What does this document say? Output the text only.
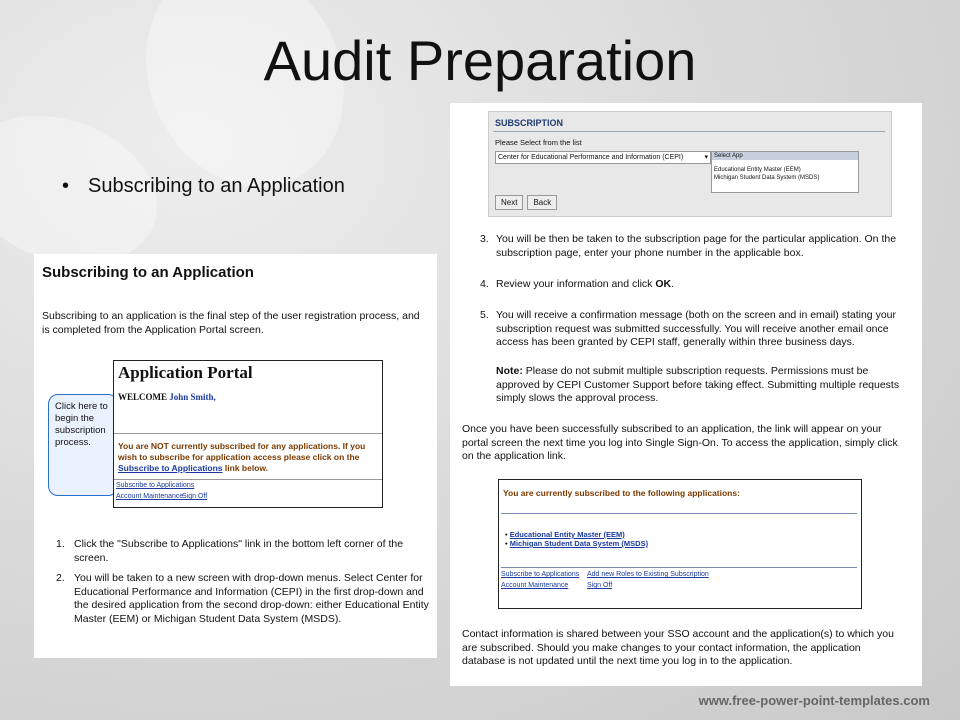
Audit Preparation
• Subscribing to an Application
Subscribing to an Application
Subscribing to an application is the final step of the user registration process, and is completed from the Application Portal screen.
Click here to begin the subscription process.
Application Portal
WELCOME John Smith,
You are NOT currently subscribed for any applications. If you wish to subscribe for application access please click on the Subscribe to Applications link below.
Subscribe to Applications
Account Maintenance
Sign Off
1. Click the "Subscribe to Applications" link in the bottom left corner of the screen.
2. You will be taken to a new screen with drop-down menus. Select Center for Educational Performance and Information (CEPI) in the first drop-down and the desired application from the second drop-down: either Educational Entity Master (EEM) or Michigan Student Data System (MSDS).
SUBSCRIPTION
Please Select from the list
Center for Educational Performance and Information (CEPI)	▾	Select App
Educational Entity Master (EEM)
Michigan Student Data System (MSDS)
Next Back
3. You will be then be taken to the subscription page for the particular application. On the subscription page, enter your phone number in the applicable box.
4. Review your information and click OK.
5. You will receive a confirmation message (both on the screen and in email) stating your subscription request was submitted successfully. You will receive another email once access has been granted by CEPI staff, generally within three business days.
Note: Please do not submit multiple subscription requests. Permissions must be approved by CEPI Customer Support before taking effect. Submitting multiple requests simply slows the approval process.
Once you have been successfully subscribed to an application, the link will appear on your portal screen the next time you log into Single Sign-On. To access the application, simply click on the application link.
You are currently subscribed to the following applications:
• Educational Entity Master (EEM)
• Michigan Student Data System (MSDS)
Subscribe to Applications Add new Roles to Existing Subscription
Account Maintenance	Sign Off
Contact information is shared between your SSO account and the application(s) to which you are subscribed. Should you make changes to your contact information, the application database is not updated until the next time you log in to the application.
www.free-power-point-templates.com
